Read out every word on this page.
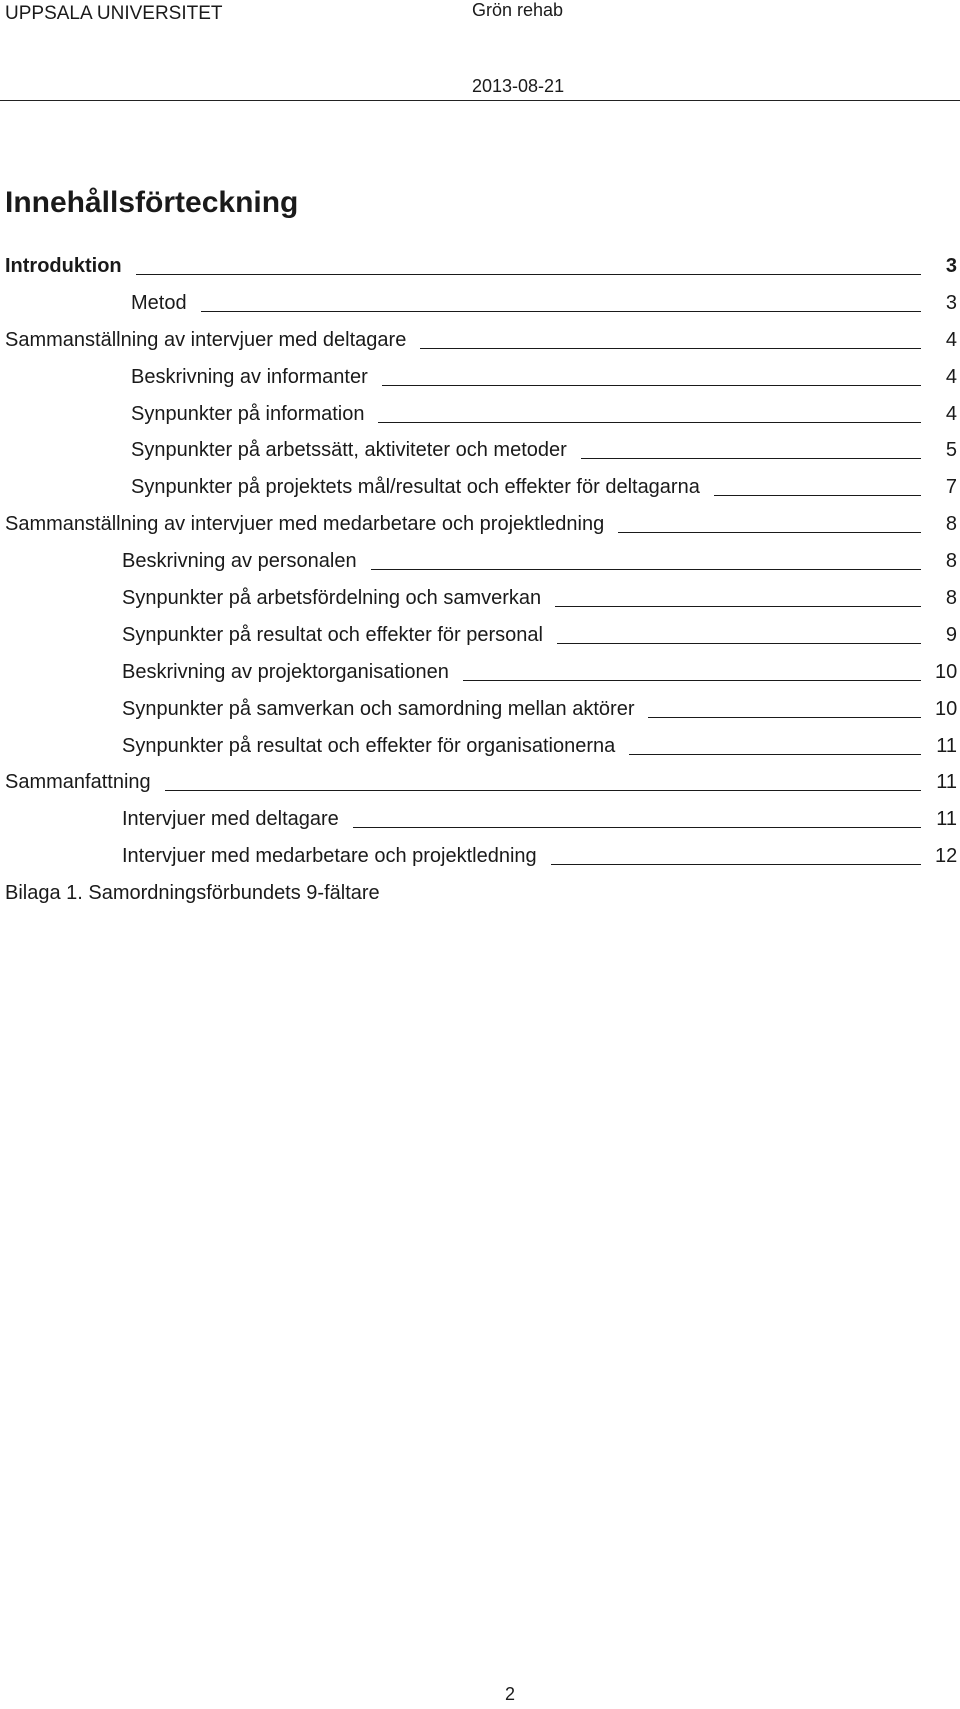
UPPSALA UNIVERSITET	Grön rehab
2013-08-21
Innehållsförteckning
Introduktion	3
Metod	3
Sammanställning av intervjuer med deltagare	4
Beskrivning av informanter	4
Synpunkter på information	4
Synpunkter på arbetssätt, aktiviteter och metoder	5
Synpunkter på projektets mål/resultat och effekter för deltagarna	7
Sammanställning av intervjuer med medarbetare och projektledning	8
Beskrivning av personalen	8
Synpunkter på arbetsfördelning och samverkan	8
Synpunkter på resultat och effekter för personal	9
Beskrivning av projektorganisationen	10
Synpunkter på samverkan och samordning mellan aktörer	10
Synpunkter på resultat och effekter för organisationerna	11
Sammanfattning	11
Intervjuer med deltagare	11
Intervjuer med medarbetare och projektledning	12
Bilaga 1. Samordningsförbundets 9-fältare
2
